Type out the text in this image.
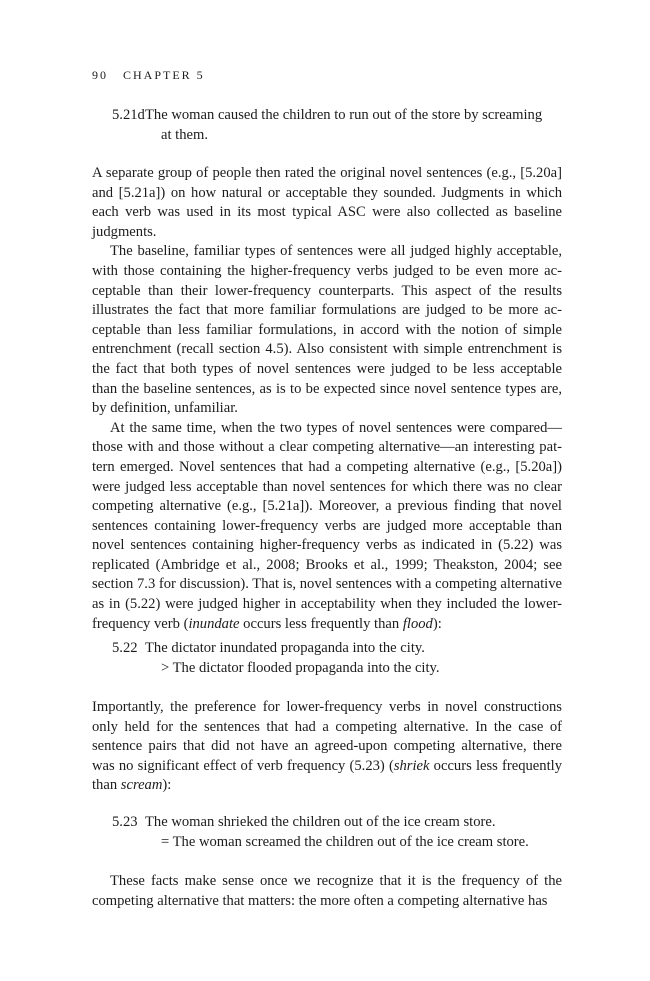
90 CHAPTER 5
5.21d The woman caused the children to run out of the store by screaming
at them.

A separate group of people then rated the original novel sentences (e.g., [5.20a] and [5.21a]) on how natural or acceptable they sounded. Judgments in which each verb was used in its most typical ASC were also collected as baseline judgments.

The baseline, familiar types of sentences were all judged highly acceptable, with those containing the higher-frequency verbs judged to be even more ac-ceptable than their lower-frequency counterparts. This aspect of the results illustrates the fact that more familiar formulations are judged to be more ac-ceptable than less familiar formulations, in accord with the notion of simple entrenchment (recall section 4.5). Also consistent with simple entrenchment is the fact that both types of novel sentences were judged to be less acceptable than the baseline sentences, as is to be expected since novel sentence types are, by definition, unfamiliar.

At the same time, when the two types of novel sentences were compared—those with and those without a clear competing alternative—an interesting pat-tern emerged. Novel sentences that had a competing alternative (e.g., [5.20a]) were judged less acceptable than novel sentences for which there was no clear competing alternative (e.g., [5.21a]). Moreover, a previous finding that novel sentences containing lower-frequency verbs are judged more acceptable than novel sentences containing higher-frequency verbs as indicated in (5.22) was replicated (Ambridge et al., 2008; Brooks et al., 1999; Theakston, 2004; see section 7.3 for discussion). That is, novel sentences with a competing alternative as in (5.22) were judged higher in acceptability when they included the lower-frequency verb (inundate occurs less frequently than flood):

5.22 The dictator inundated propaganda into the city.
> The dictator flooded propaganda into the city.

Importantly, the preference for lower-frequency verbs in novel constructions only held for the sentences that had a competing alternative. In the case of sentence pairs that did not have an agreed-upon competing alternative, there was no significant effect of verb frequency (5.23) (shriek occurs less frequently than scream):

5.23 The woman shrieked the children out of the ice cream store.
= The woman screamed the children out of the ice cream store.

These facts make sense once we recognize that it is the frequency of the competing alternative that matters: the more often a competing alternative has
